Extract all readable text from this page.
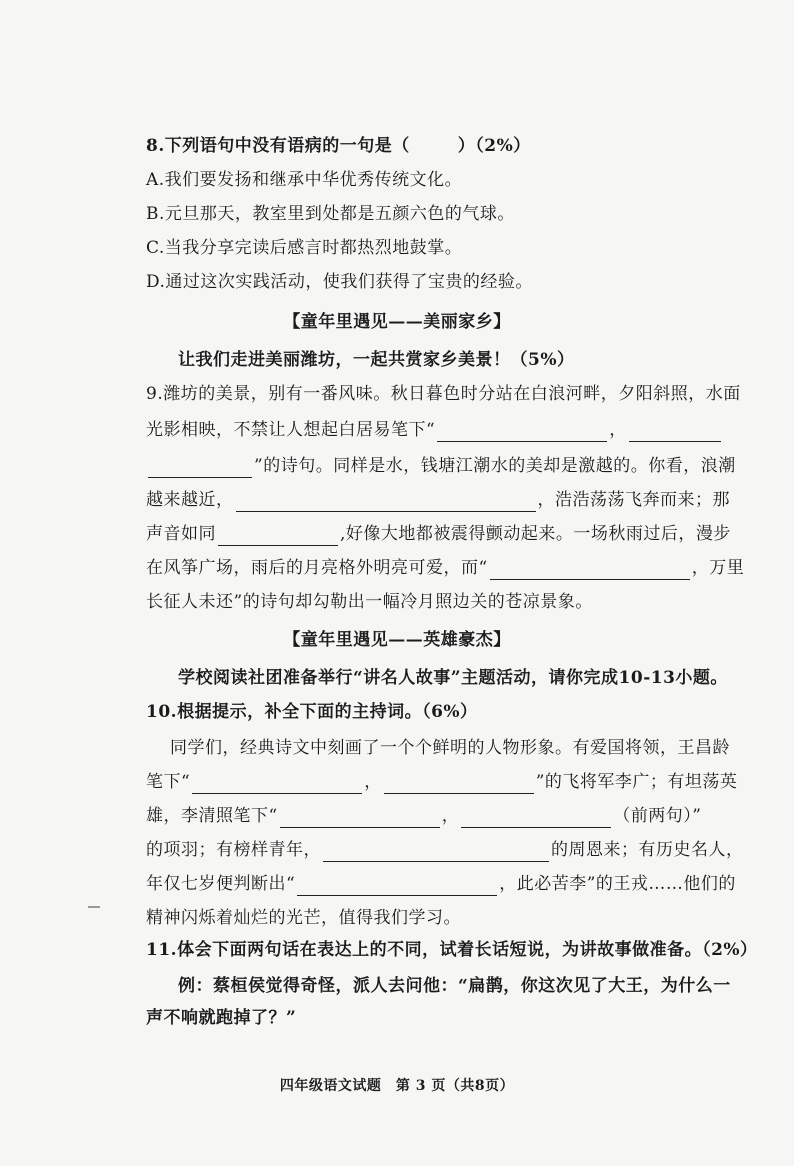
8.下列语句中没有语病的一句是（	）（2%）
A.我们要发扬和继承中华优秀传统文化。
B.元旦那天，教室里到处都是五颜六色的气球。
C.当我分享完读后感言时都热烈地鼓掌。
D.通过这次实践活动，使我们获得了宝贵的经验。
【童年里遇见——美丽家乡】
让我们走进美丽潍坊，一起共赏家乡美景！（5%）
9.潍坊的美景，别有一番风味。秋日暮色时分站在白浪河畔，夕阳斜照，水面
光影相映，不禁让人想起白居易笔下“	，
”的诗句。同样是水，钱塘江潮水的美却是激越的。你看，浪潮
越来越近，	，浩浩荡荡飞奔而来；那
声音如同	,好像大地都被震得颤动起来。一场秋雨过后，漫步
在风筝广场，雨后的月亮格外明亮可爱，而“	，万里
长征人未还”的诗句却勾勒出一幅冷月照边关的苍凉景象。
【童年里遇见——英雄豪杰】
学校阅读社团准备举行“讲名人故事”主题活动，请你完成10-13小题。
10.根据提示，补全下面的主持词。（6%）
同学们，经典诗文中刻画了一个个鲜明的人物形象。有爱国将领，王昌龄
笔下“	，	”的飞将军李广；有坦荡英
雄，李清照笔下“	，	（前两句）”
的项羽；有榜样青年，	的周恩来；有历史名人，
年仅七岁便判断出“	，此必苦李”的王戎……他们的
精神闪烁着灿烂的光芒，值得我们学习。
11.体会下面两句话在表达上的不同，试着长话短说，为讲故事做准备。（2%）
例：蔡桓侯觉得奇怪，派人去问他：“扁鹊，你这次见了大王，为什么一
声不响就跑掉了？”
四年级语文试题　第 3 页（共8页）
